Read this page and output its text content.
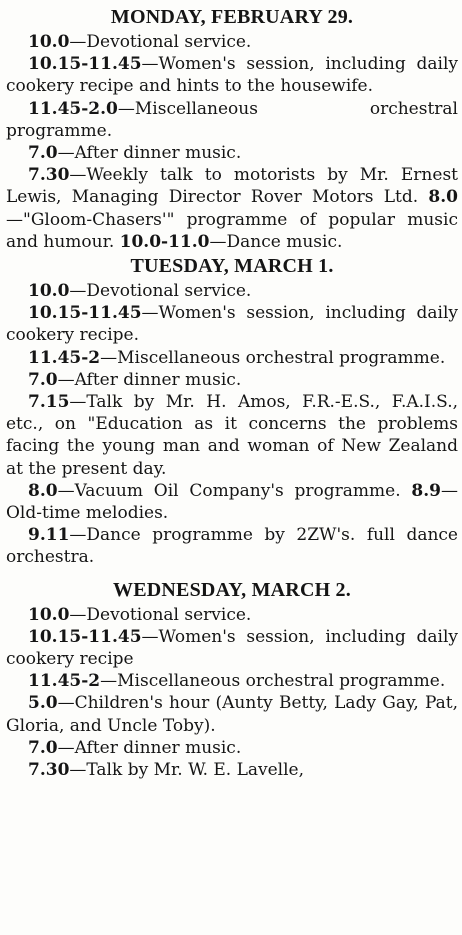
MONDAY, FEBRUARY 29.

10.0—Devotional service.

10.15-11.45—Women's session, including daily cookery recipe and hints to the housewife.

11.45-2.0—Miscellaneous orchestral programme.

7.0—After dinner music.

7.30—Weekly talk to motorists by Mr. Ernest Lewis, Managing Director Rover Motors Ltd. 8.0—"Gloom-Chasers'" programme of popular music and humour. 10.0-11.0—Dance music.

TUESDAY, MARCH 1.

10.0—Devotional service.

10.15-11.45—Women's session, including daily cookery recipe.

11.45-2—Miscellaneous orchestral programme.

7.0—After dinner music.

7.15—Talk by Mr. H. Amos, F.R.-E.S., F.A.I.S., etc., on "Education as it concerns the problems facing the young man and woman of New Zealand at the present day.

8.0—Vacuum Oil Company's programme. 8.9—Old-time melodies.

9.11—Dance programme by 2ZW's. full dance orchestra.

WEDNESDAY, MARCH 2.

10.0—Devotional service.

10.15-11.45—Women's session, including daily cookery recipe

11.45-2—Miscellaneous orchestral programme.

5.0—Children's hour (Aunty Betty, Lady Gay, Pat, Gloria, and Uncle Toby).

7.0—After dinner music.

7.30—Talk by Mr. W. E. Lavelle,
